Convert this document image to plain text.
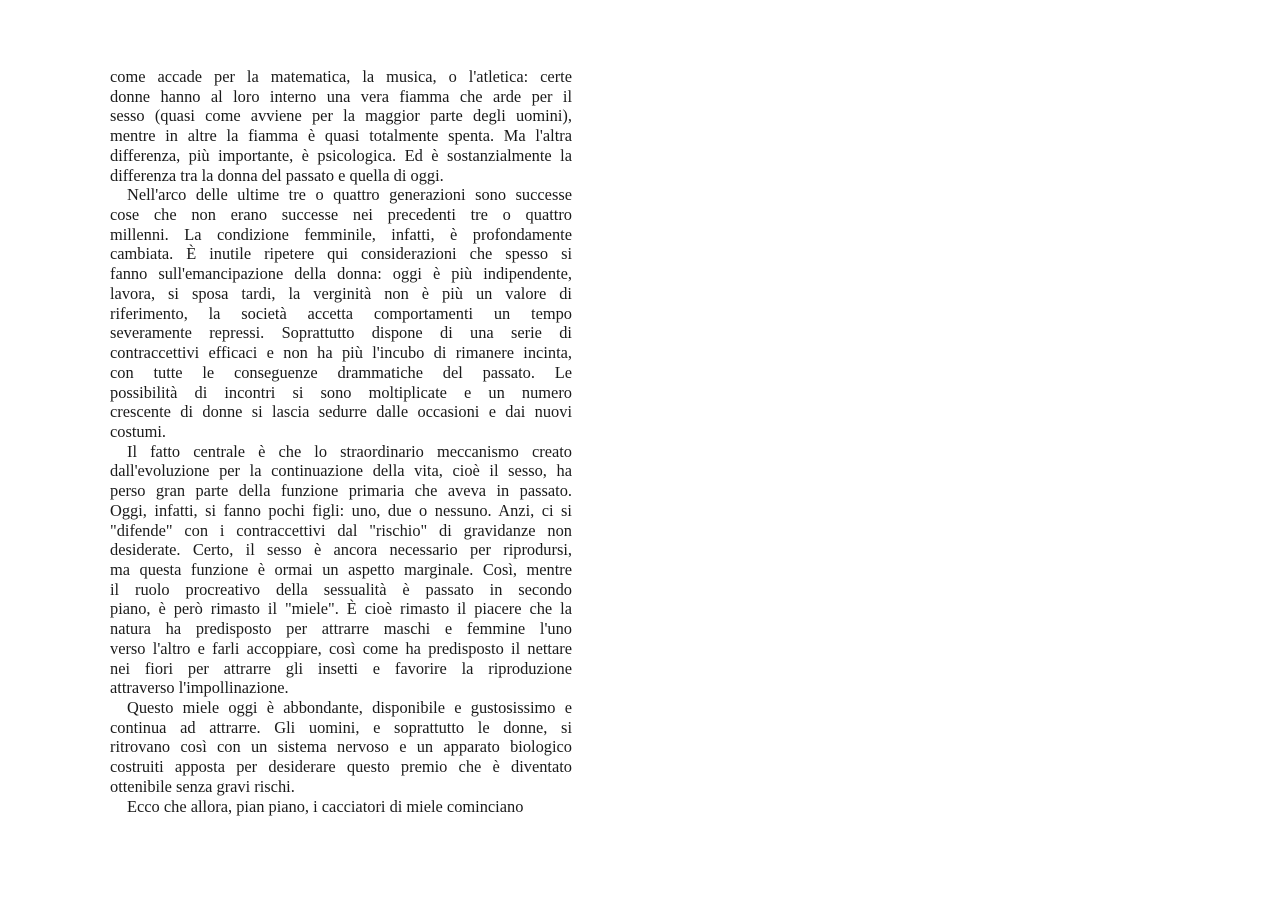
come accade per la matematica, la musica, o l'atletica: certe
donne hanno al loro interno una vera fiamma che arde per il
sesso (quasi come avviene per la maggior parte degli uomini),
mentre in altre la fiamma è quasi totalmente spenta. Ma l'altra
differenza, più importante, è psicologica. Ed è sostanzialmente la
differenza tra la donna del passato e quella di oggi.
Nell'arco delle ultime tre o quattro generazioni sono successe
cose che non erano successe nei precedenti tre o quattro
millenni. La condizione femminile, infatti, è profondamente
cambiata. È inutile ripetere qui considerazioni che spesso si
fanno sull'emancipazione della donna: oggi è più indipendente,
lavora, si sposa tardi, la verginità non è più un valore di
riferimento, la società accetta comportamenti un tempo
severamente repressi. Soprattutto dispone di una serie di
contraccettivi efficaci e non ha più l'incubo di rimanere incinta,
con tutte le conseguenze drammatiche del passato. Le
possibilità di incontri si sono moltiplicate e un numero
crescente di donne si lascia sedurre dalle occasioni e dai nuovi
costumi.
Il fatto centrale è che lo straordinario meccanismo creato
dall'evoluzione per la continuazione della vita, cioè il sesso, ha
perso gran parte della funzione primaria che aveva in passato.
Oggi, infatti, si fanno pochi figli: uno, due o nessuno. Anzi, ci si
"difende" con i contraccettivi dal "rischio" di gravidanze non
desiderate. Certo, il sesso è ancora necessario per riprodursi,
ma questa funzione è ormai un aspetto marginale. Così, mentre
il ruolo procreativo della sessualità è passato in secondo
piano, è però rimasto il "miele". È cioè rimasto il piacere che la
natura ha predisposto per attrarre maschi e femmine l'uno
verso l'altro e farli accoppiare, così come ha predisposto il nettare
nei fiori per attrarre gli insetti e favorire la riproduzione
attraverso l'impollinazione.
Questo miele oggi è abbondante, disponibile e gustosissimo e
continua ad attrarre. Gli uomini, e soprattutto le donne, si
ritrovano così con un sistema nervoso e un apparato biologico
costruiti apposta per desiderare questo premio che è diventato
ottenibile senza gravi rischi.
Ecco che allora, pian piano, i cacciatori di miele cominciano
